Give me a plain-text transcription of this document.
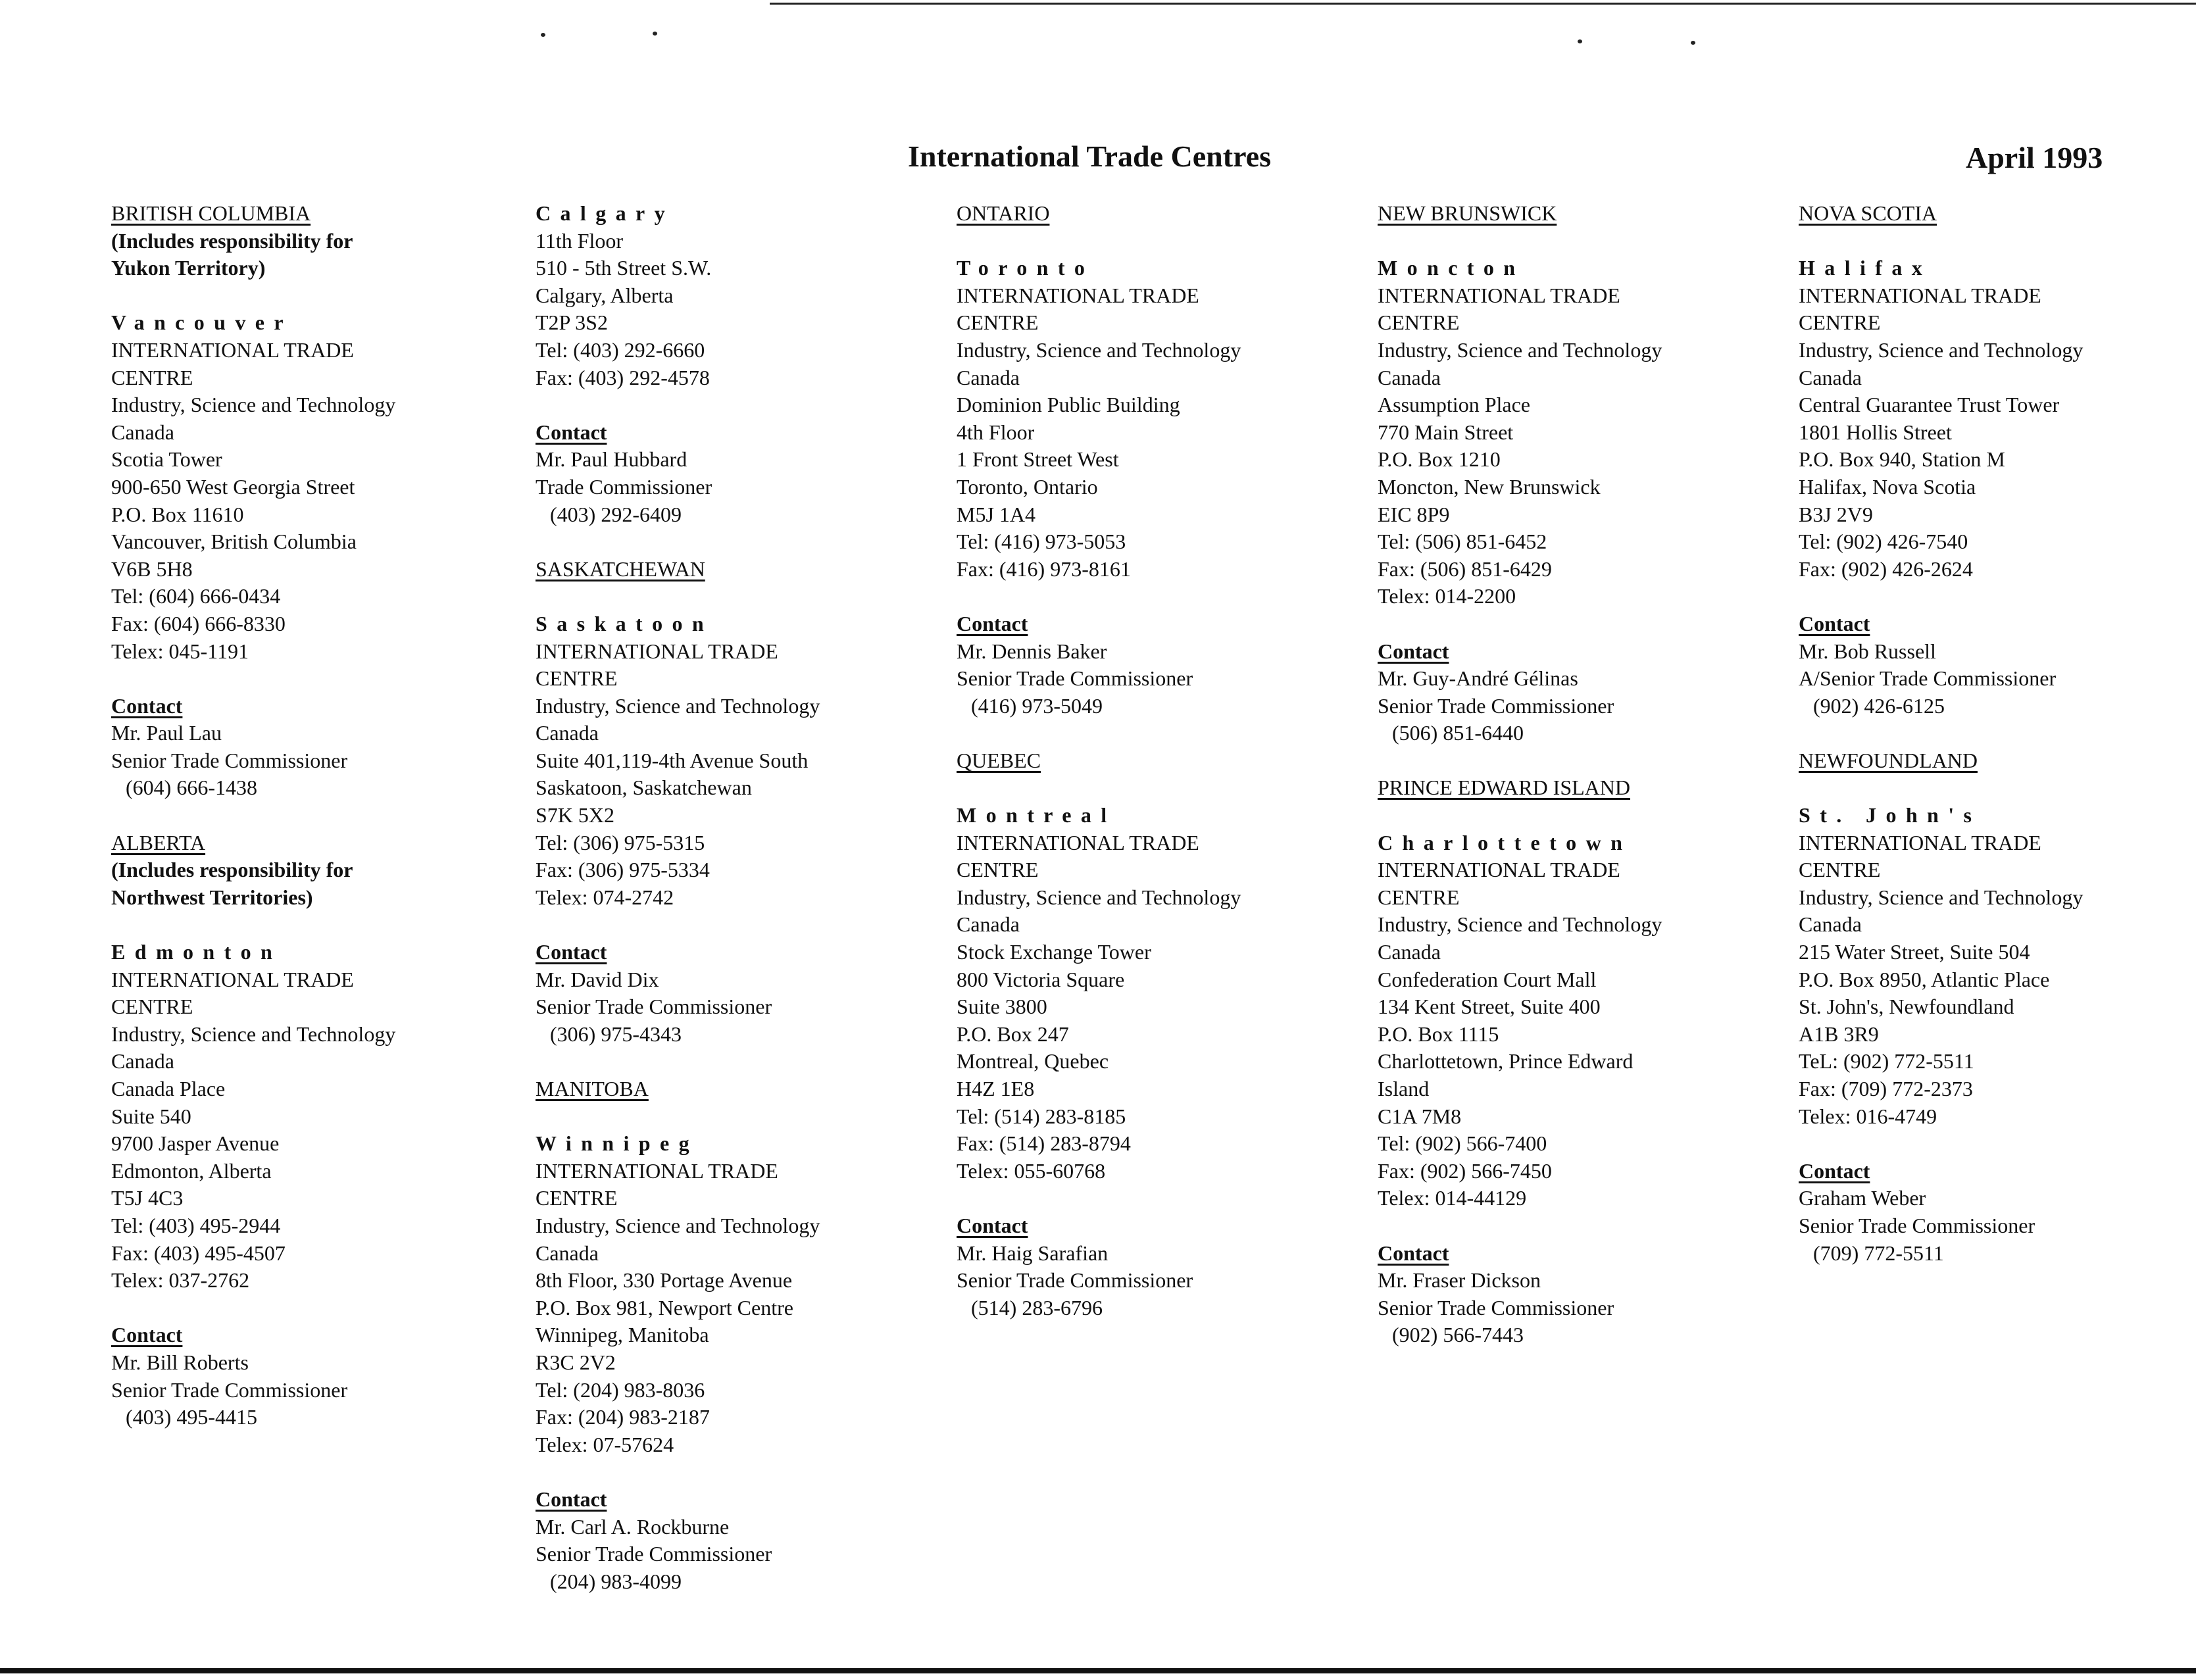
International Trade Centres	April 1993
BRITISH COLUMBIA
(Includes responsibility for
Yukon Territory)
Vancouver
INTERNATIONAL TRADE
CENTRE
Industry, Science and Technology
Canada
Scotia Tower
900-650 West Georgia Street
P.O. Box 11610
Vancouver, British Columbia
V6B 5H8
Tel: (604) 666-0434
Fax: (604) 666-8330
Telex: 045-1191
Contact
Mr. Paul Lau
Senior Trade Commissioner
(604) 666-1438
ALBERTA
(Includes responsibility for
Northwest Territories)
Edmonton
INTERNATIONAL TRADE
CENTRE
Industry, Science and Technology
Canada
Canada Place
Suite 540
9700 Jasper Avenue
Edmonton, Alberta
T5J 4C3
Tel: (403) 495-2944
Fax: (403) 495-4507
Telex: 037-2762
Contact
Mr. Bill Roberts
Senior Trade Commissioner
(403) 495-4415
Calgary
11th Floor
510 - 5th Street S.W.
Calgary, Alberta
T2P 3S2
Tel: (403) 292-6660
Fax: (403) 292-4578
Contact
Mr. Paul Hubbard
Trade Commissioner
(403) 292-6409
SASKATCHEWAN
Saskatoon
INTERNATIONAL TRADE
CENTRE
Industry, Science and Technology
Canada
Suite 401,119-4th Avenue South
Saskatoon, Saskatchewan
S7K 5X2
Tel: (306) 975-5315
Fax: (306) 975-5334
Telex: 074-2742
Contact
Mr. David Dix
Senior Trade Commissioner
(306) 975-4343
MANITOBA
Winnipeg
INTERNATIONAL TRADE
CENTRE
Industry, Science and Technology
Canada
8th Floor, 330 Portage Avenue
P.O. Box 981, Newport Centre
Winnipeg, Manitoba
R3C 2V2
Tel: (204) 983-8036
Fax: (204) 983-2187
Telex: 07-57624
Contact
Mr. Carl A. Rockburne
Senior Trade Commissioner
(204) 983-4099
ONTARIO
Toronto
INTERNATIONAL TRADE
CENTRE
Industry, Science and Technology
Canada
Dominion Public Building
4th Floor
1 Front Street West
Toronto, Ontario
M5J 1A4
Tel: (416) 973-5053
Fax: (416) 973-8161
Contact
Mr. Dennis Baker
Senior Trade Commissioner
(416) 973-5049
QUEBEC
Montreal
INTERNATIONAL TRADE
CENTRE
Industry, Science and Technology
Canada
Stock Exchange Tower
800 Victoria Square
Suite 3800
P.O. Box 247
Montreal, Quebec
H4Z 1E8
Tel: (514) 283-8185
Fax: (514) 283-8794
Telex: 055-60768
Contact
Mr. Haig Sarafian
Senior Trade Commissioner
(514) 283-6796
NEW BRUNSWICK
Moncton
INTERNATIONAL TRADE
CENTRE
Industry, Science and Technology
Canada
Assumption Place
770 Main Street
P.O. Box 1210
Moncton, New Brunswick
EIC 8P9
Tel: (506) 851-6452
Fax: (506) 851-6429
Telex: 014-2200
Contact
Mr. Guy-André Gélinas
Senior Trade Commissioner
(506) 851-6440
PRINCE EDWARD ISLAND
Charlottetown
INTERNATIONAL TRADE
CENTRE
Industry, Science and Technology
Canada
Confederation Court Mall
134 Kent Street, Suite 400
P.O. Box 1115
Charlottetown, Prince Edward
Island
C1A 7M8
Tel: (902) 566-7400
Fax: (902) 566-7450
Telex: 014-44129
Contact
Mr. Fraser Dickson
Senior Trade Commissioner
(902) 566-7443
NOVA SCOTIA
Halifax
INTERNATIONAL TRADE
CENTRE
Industry, Science and Technology
Canada
Central Guarantee Trust Tower
1801 Hollis Street
P.O. Box 940, Station M
Halifax, Nova Scotia
B3J 2V9
Tel: (902) 426-7540
Fax: (902) 426-2624
Contact
Mr. Bob Russell
A/Senior Trade Commissioner
(902) 426-6125
NEWFOUNDLAND
St. John's
INTERNATIONAL TRADE
CENTRE
Industry, Science and Technology
Canada
215 Water Street, Suite 504
P.O. Box 8950, Atlantic Place
St. John's, Newfoundland
A1B 3R9
TeL: (902) 772-5511
Fax: (709) 772-2373
Telex: 016-4749
Contact
Graham Weber
Senior Trade Commissioner
(709) 772-5511
